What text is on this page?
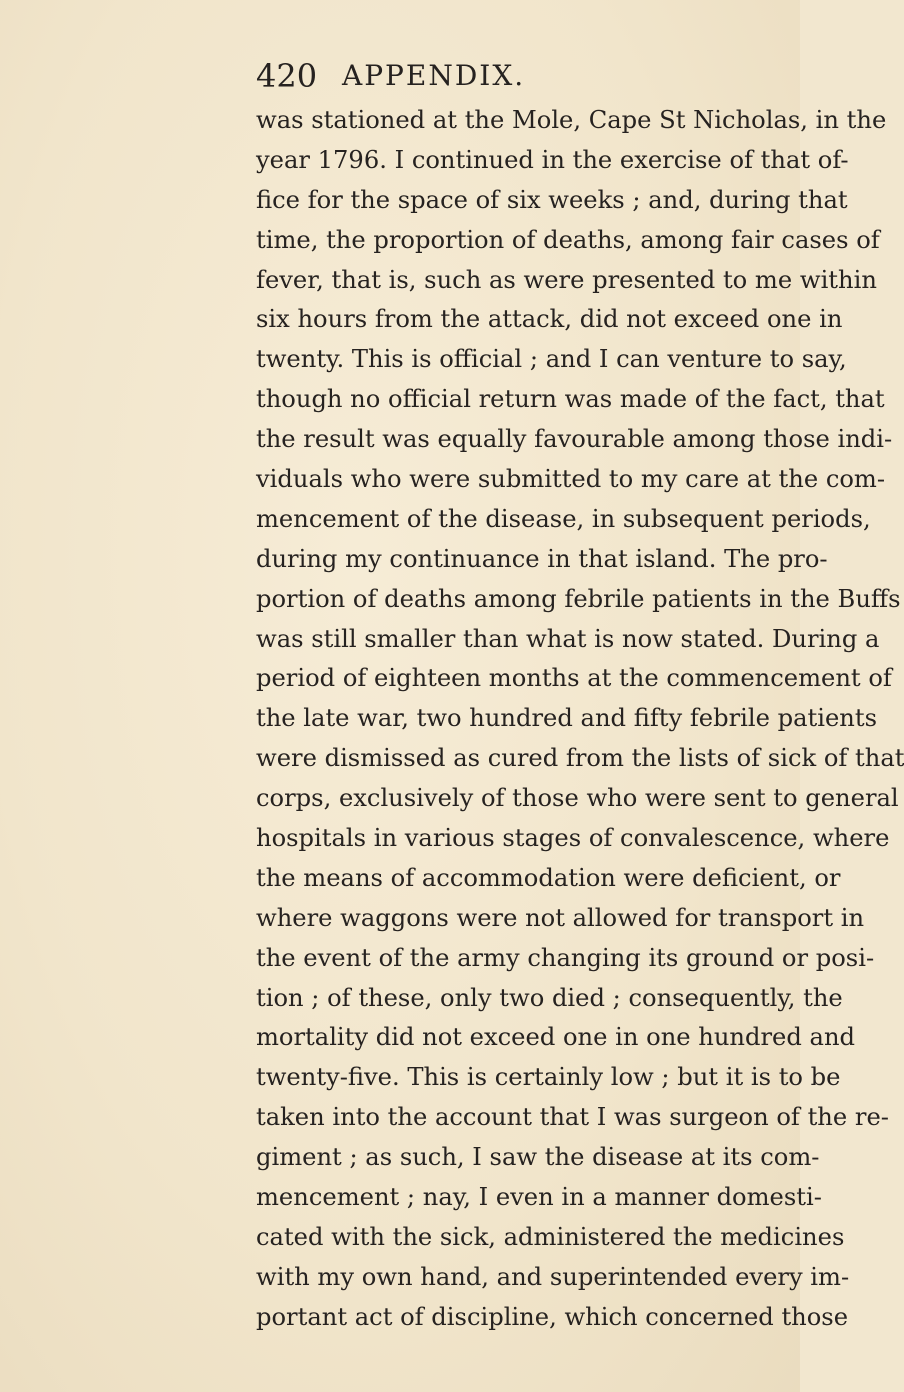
420 APPENDIX.
was stationed at the Mole, Cape St Nicholas, in the
year 1796. I continued in the exercise of that of-
fice for the space of six weeks ; and, during that
time, the proportion of deaths, among fair cases of
fever, that is, such as were presented to me within
six hours from the attack, did not exceed one in
twenty. This is official ; and I can venture to say,
though no official return was made of the fact, that
the result was equally favourable among those indi-
viduals who were submitted to my care at the com-
mencement of the disease, in subsequent periods,
during my continuance in that island. The pro-
portion of deaths among febrile patients in the Buffs
was still smaller than what is now stated. During a
period of eighteen months at the commencement of
the late war, two hundred and fifty febrile patients
were dismissed as cured from the lists of sick of that
corps, exclusively of those who were sent to general
hospitals in various stages of convalescence, where
the means of accommodation were deficient, or
where waggons were not allowed for transport in
the event of the army changing its ground or posi-
tion ; of these, only two died ; consequently, the
mortality did not exceed one in one hundred and
twenty-five. This is certainly low ; but it is to be
taken into the account that I was surgeon of the re-
giment ; as such, I saw the disease at its com-
mencement ; nay, I even in a manner domesti-
cated with the sick, administered the medicines
with my own hand, and superintended every im-
portant act of discipline, which concerned those
